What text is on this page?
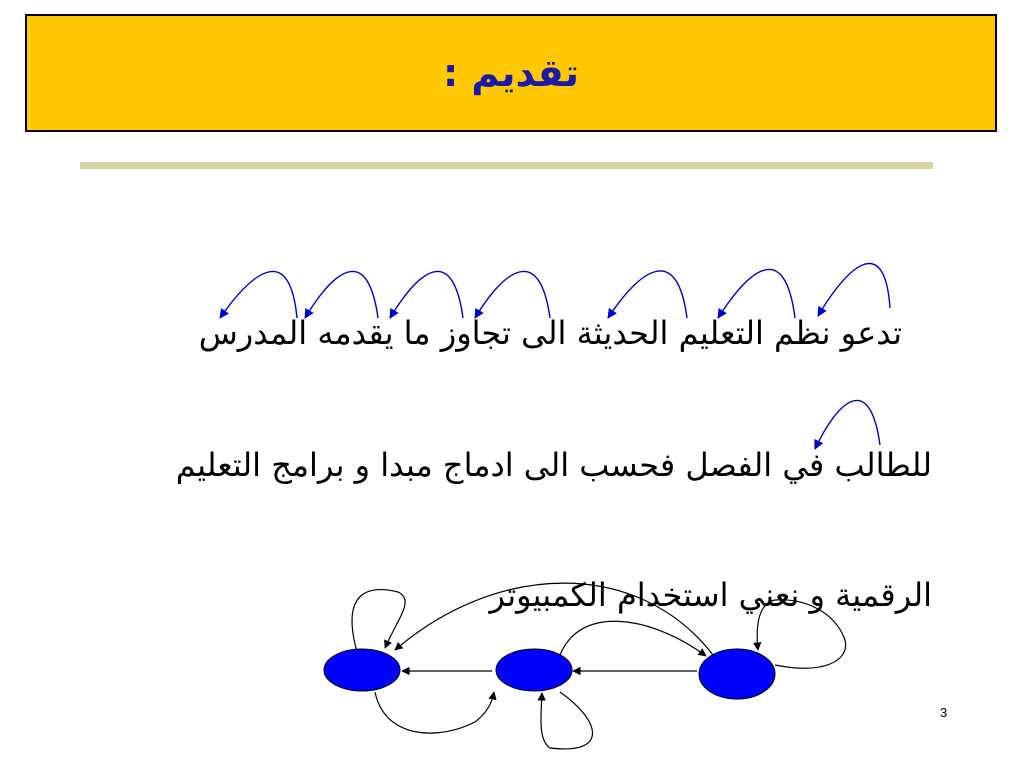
تقديم :
تدعو نظم التعليم الحديثة الى تجاوز ما يقدمه المدرس
للطالب في الفصل فحسب الى ادماج مبدا و برامج التعليم
الرقمية و نعني استخدام الكمبيوتر
3
